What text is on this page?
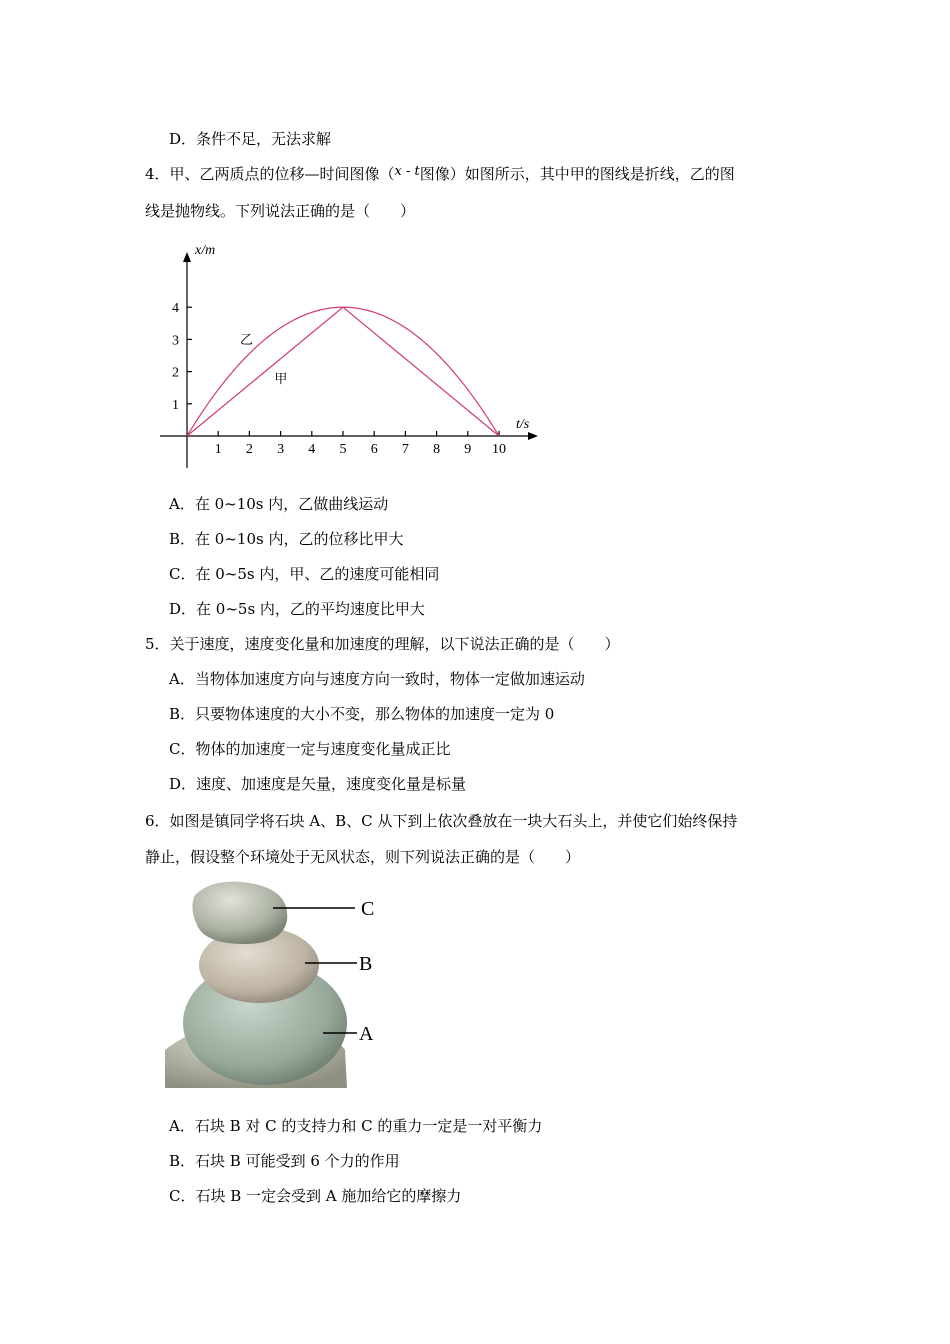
D．条件不足，无法求解
4．甲、乙两质点的位移—时间图像（x - t图像）如图所示，其中甲的图线是折线，乙的图
线是抛物线。下列说法正确的是（　　）
x/m
t/s
1 2 3 4 5 6 7 8 9 10
1
2
3
4
甲
乙
A．在 0~10s 内，乙做曲线运动
B．在 0~10s 内，乙的位移比甲大
C．在 0~5s 内，甲、乙的速度可能相同
D．在 0~5s 内，乙的平均速度比甲大
5．关于速度，速度变化量和加速度的理解，以下说法正确的是（　　）
A．当物体加速度方向与速度方向一致时，物体一定做加速运动
B．只要物体速度的大小不变，那么物体的加速度一定为 0
C．物体的加速度一定与速度变化量成正比
D．速度、加速度是矢量，速度变化量是标量
6．如图是镇同学将石块 A、B、C 从下到上依次叠放在一块大石头上，并使它们始终保持
静止，假设整个环境处于无风状态，则下列说法正确的是（　　）
C
B
A
A．石块 B 对 C 的支持力和 C 的重力一定是一对平衡力
B．石块 B 可能受到 6 个力的作用
C．石块 B 一定会受到 A 施加给它的摩擦力
